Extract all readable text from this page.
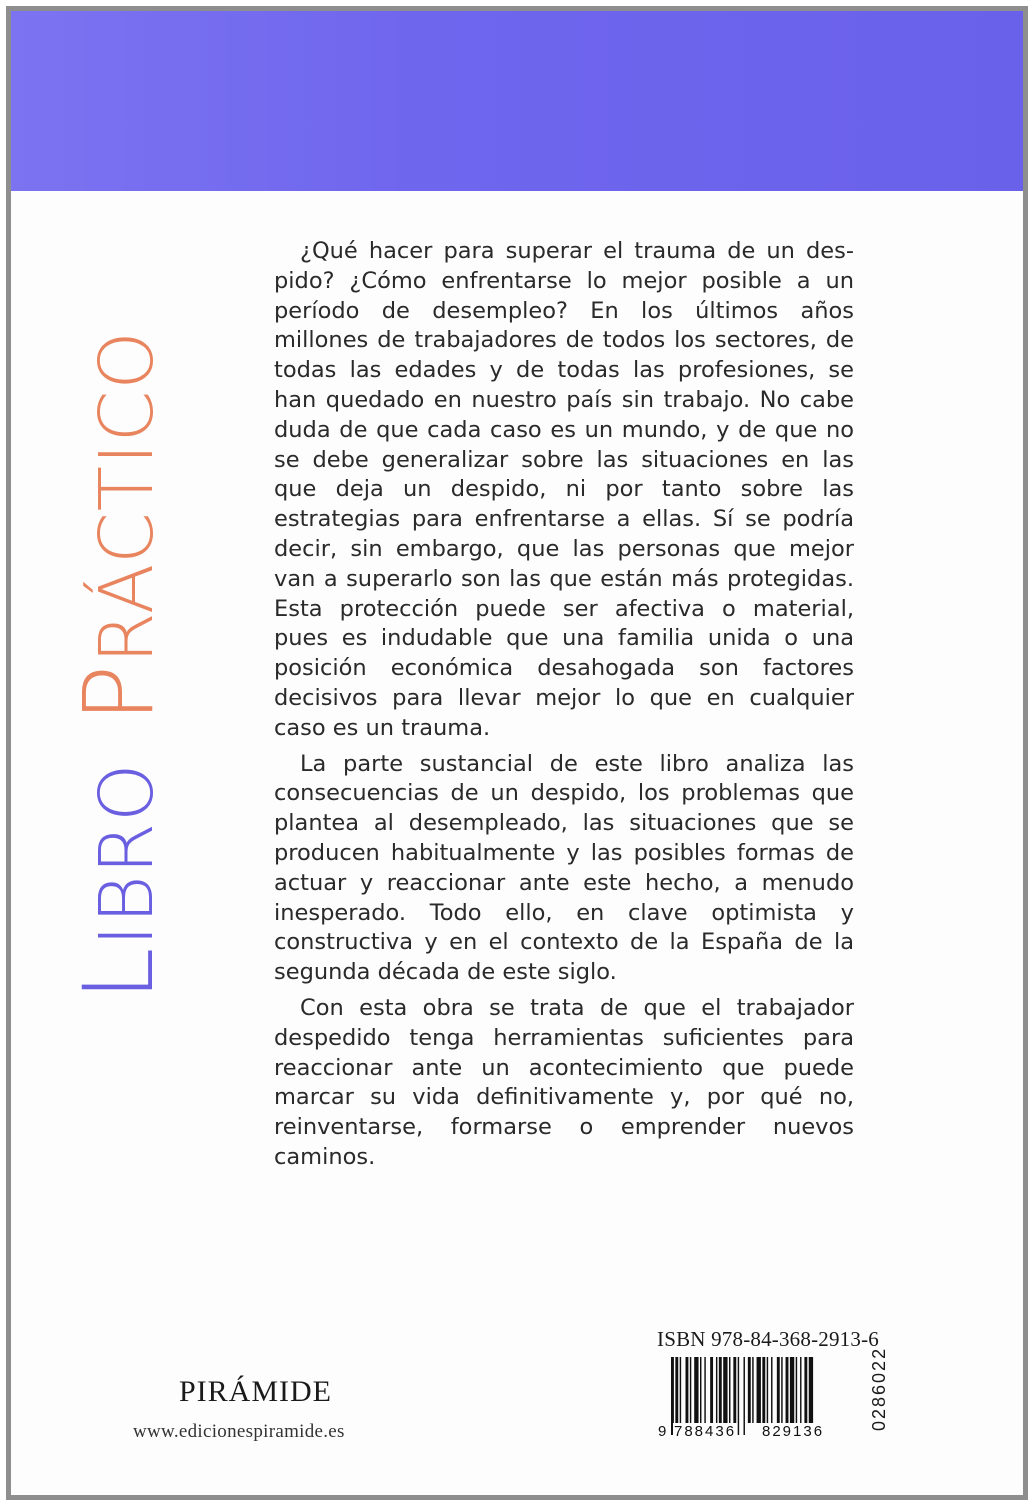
LIBROPRÁCTICO

¿Qué hacer para superar el trauma de un despido? ¿Cómo enfrentarse lo mejor posible a un período de desempleo? En los últimos años millones de trabajadores de todos los sectores, de todas las edades y de todas las profesiones, se han quedado en nuestro país sin trabajo. No cabe duda de que cada caso es un mundo, y de que no se debe generalizar sobre las situaciones en las que deja un despido, ni por tanto sobre las estrategias para enfrentarse a ellas. Sí se podría decir, sin embargo, que las personas que mejor van a superarlo son las que están más protegidas. Esta protección puede ser afectiva o material, pues es indudable que una familia unida o una posición económica desahogada son factores decisivos para llevar mejor lo que en cualquier caso es un trauma.

La parte sustancial de este libro analiza las consecuencias de un despido, los problemas que plantea al desempleado, las situaciones que se producen habitualmente y las posibles formas de actuar y reaccionar ante este hecho, a menudo inesperado. Todo ello, en clave optimista y constructiva y en el contexto de la España de la segunda década de este siglo.

Con esta obra se trata de que el trabajador despedido tenga herramientas suficientes para reaccionar ante un acontecimiento que puede marcar su vida definitivamente y, por qué no, reinventarse, formarse o emprender nuevos caminos.

PIRÁMIDE
www.edicionespiramide.es
ISBN 978-84-368-2913-6
9 788436 829136
0286022
